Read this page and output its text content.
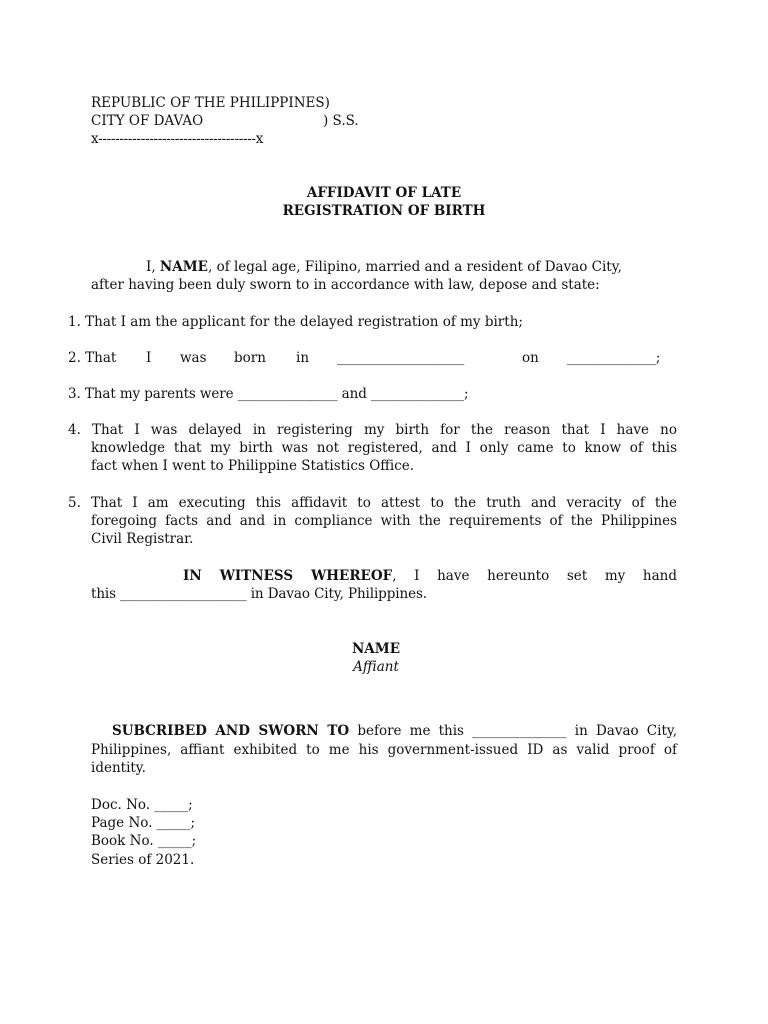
REPUBLIC OF THE PHILIPPINES)
CITY OF DAVAO	) S.S.
x-------------------------------------x
AFFIDAVIT OF LATE
REGISTRATION OF BIRTH
I, NAME, of legal age, Filipino, married and a resident of Davao City,
after having been duly sworn to in accordance with law, depose and state:
1. That I am the applicant for the delayed registration of my birth;
2. That I was born in ____________________	on ______________;
3. That my parents were _______________ and ______________;
4. That I was delayed in registering my birth for the reason that I have no
knowledge that my birth was not registered, and I only came to know of this
fact when I went to Philippine Statistics Office.
5. That I am executing this affidavit to attest to the truth and veracity of the
foregoing facts and and in compliance with the requirements of the Philippines
Civil Registrar.
IN WITNESS WHEREOF, I have hereunto set my hand
this ___________________ in Davao City, Philippines.
NAME
Affiant
SUBCRIBED AND SWORN TO before me this ______________ in Davao City,
Philippines, affiant exhibited to me his government-issued ID as valid proof of
identity.
Doc. No. _____;
Page No. _____;
Book No. _____;
Series of 2021.
